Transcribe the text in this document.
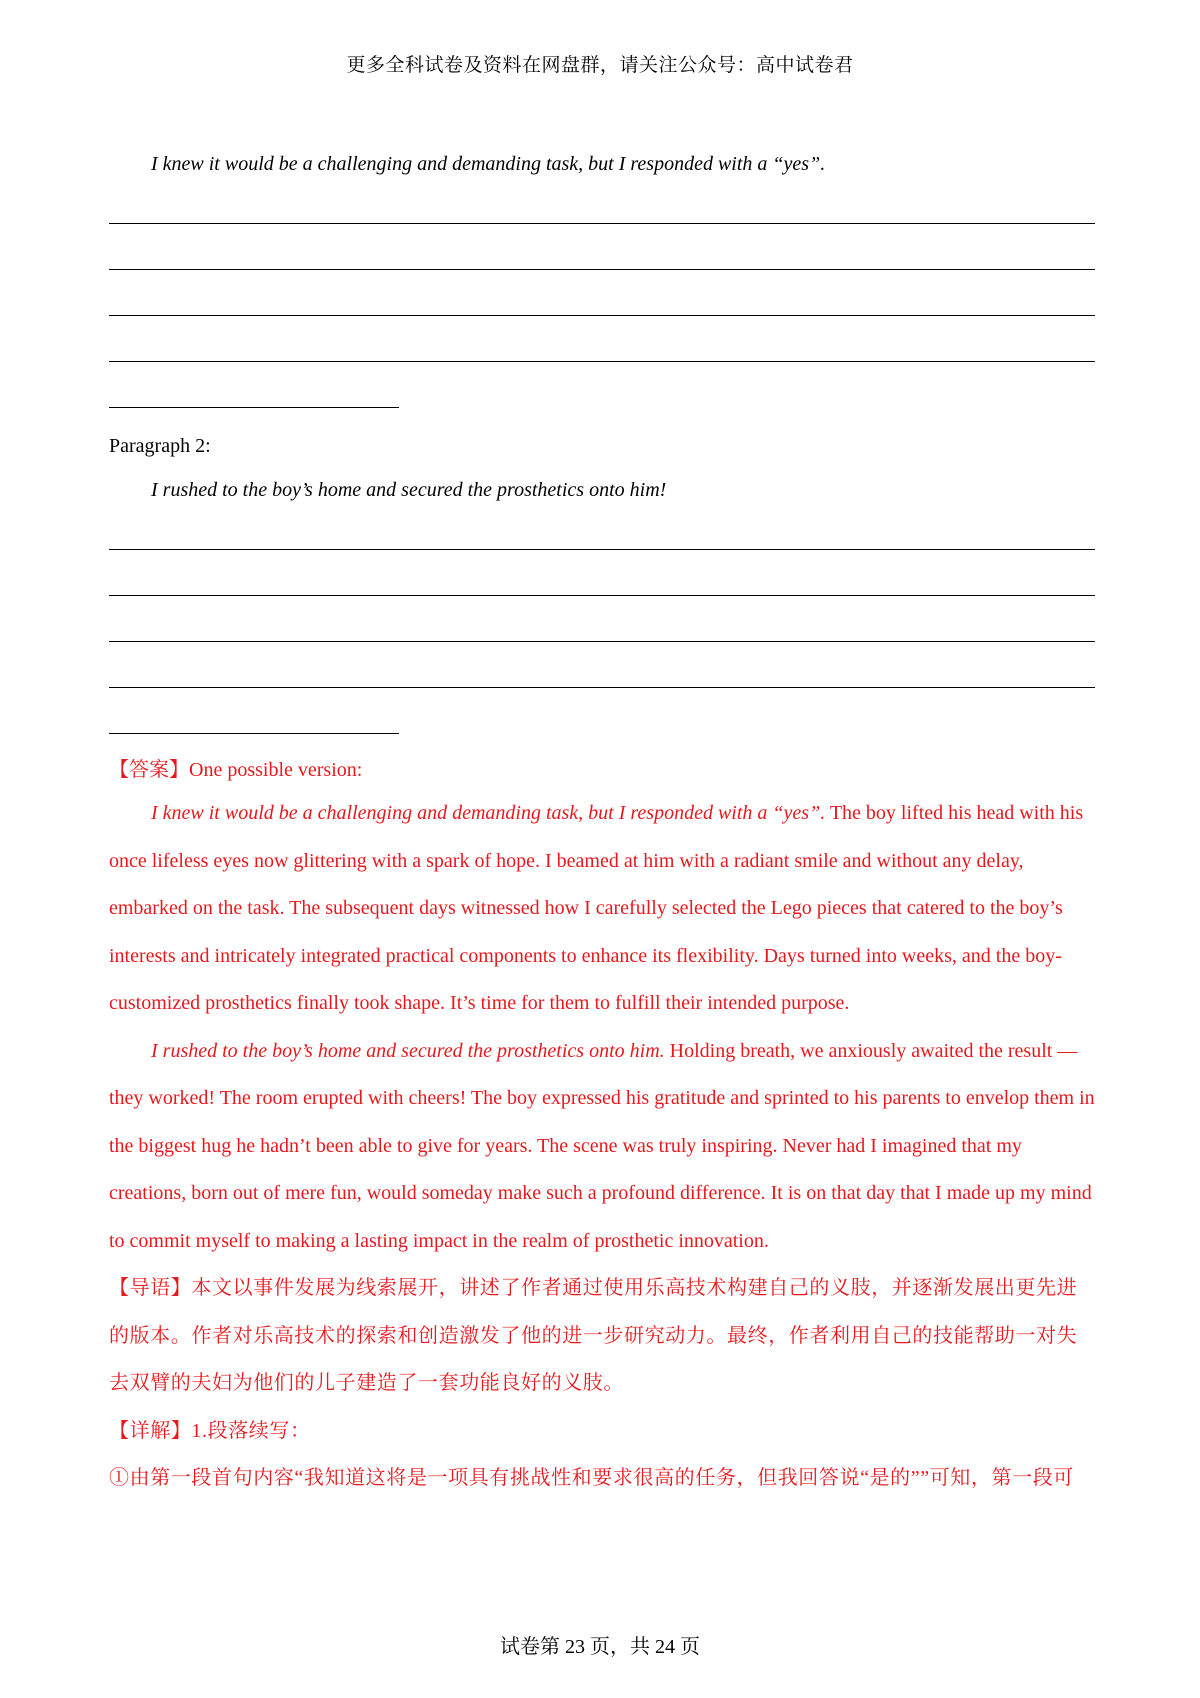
更多全科试卷及资料在网盘群，请关注公众号：高中试卷君
I knew it would be a challenging and demanding task, but I responded with a “yes”.
Paragraph 2:
I rushed to the boy’s home and secured the prosthetics onto him!
【答案】One possible version:

I knew it would be a challenging and demanding task, but I responded with a “yes”. The boy lifted his head with his once lifeless eyes now glittering with a spark of hope. I beamed at him with a radiant smile and without any delay, embarked on the task. The subsequent days witnessed how I carefully selected the Lego pieces that catered to the boy’s interests and intricately integrated practical components to enhance its flexibility. Days turned into weeks, and the boy-customized prosthetics finally took shape. It’s time for them to fulfill their intended purpose.

I rushed to the boy’s home and secured the prosthetics onto him. Holding breath, we anxiously awaited the result — they worked! The room erupted with cheers! The boy expressed his gratitude and sprinted to his parents to envelop them in the biggest hug he hadn’t been able to give for years. The scene was truly inspiring. Never had I imagined that my creations, born out of mere fun, would someday make such a profound difference. It is on that day that I made up my mind to commit myself to making a lasting impact in the realm of prosthetic innovation.

【导语】本文以事件发展为线索展开，讲述了作者通过使用乐高技术构建自己的义肢，并逐渐发展出更先进的版本。作者对乐高技术的探索和创造激发了他的进一步研究动力。最终，作者利用自己的技能帮助一对失去双臂的夫妇为他们的儿子建造了一套功能良好的义肢。

【详解】1.段落续写：

①由第一段首句内容“我知道这将是一项具有挑战性和要求很高的任务，但我回答说“是的””可知，第一段可

试卷第 23 页，共 24 页
